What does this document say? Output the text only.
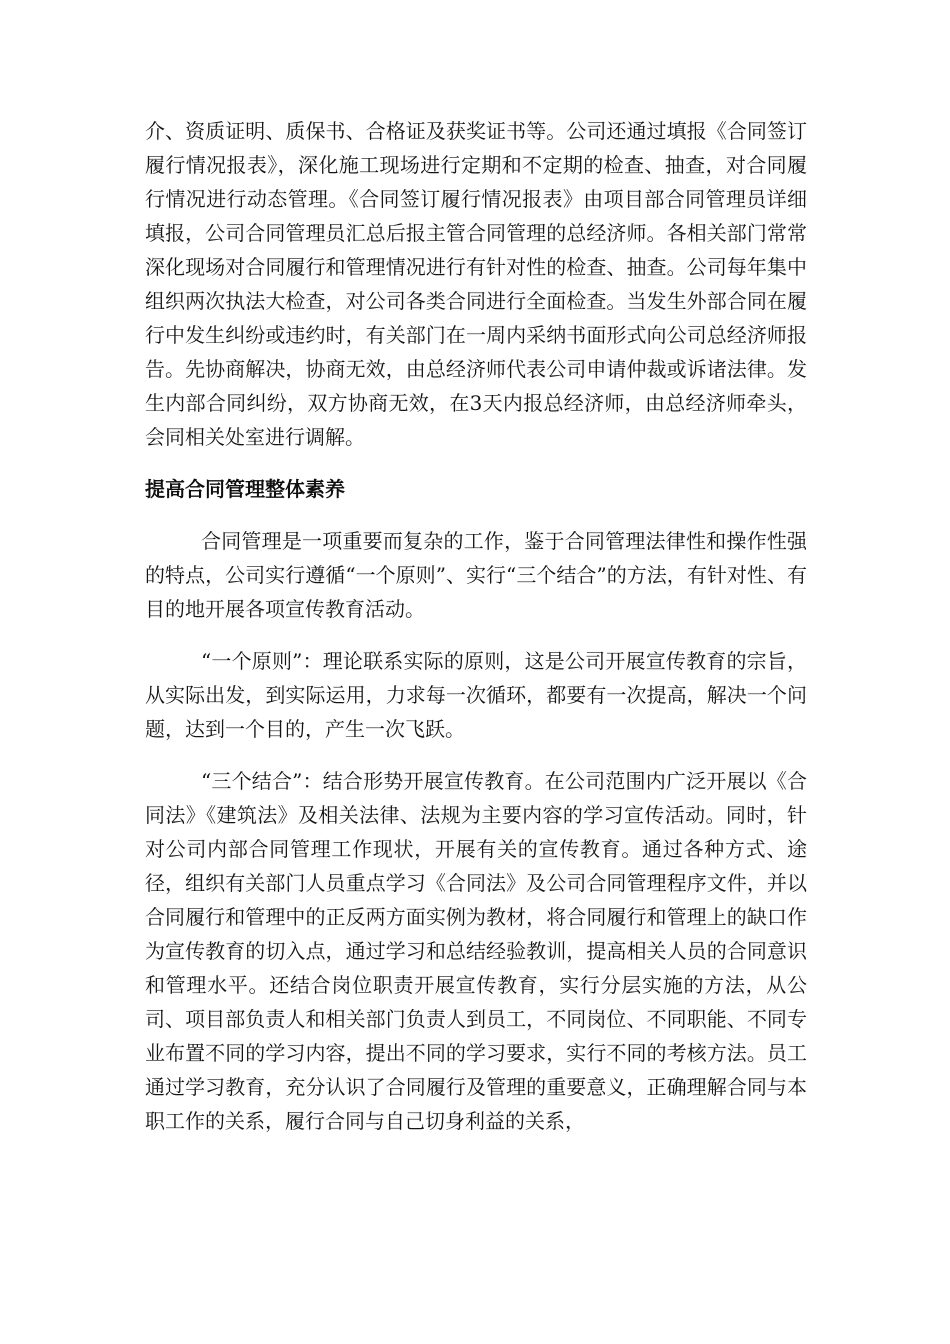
介、资质证明、质保书、合格证及获奖证书等。公司还通过填报《合同签订履行情况报表》，深化施工现场进行定期和不定期的检查、抽查，对合同履行情况进行动态管理。《合同签订履行情况报表》由项目部合同管理员详细填报，公司合同管理员汇总后报主管合同管理的总经济师。各相关部门常常深化现场对合同履行和管理情况进行有针对性的检查、抽查。公司每年集中组织两次执法大检查，对公司各类合同进行全面检查。当发生外部合同在履行中发生纠纷或违约时，有关部门在一周内采纳书面形式向公司总经济师报告。先协商解决，协商无效，由总经济师代表公司申请仲裁或诉诸法律。发生内部合同纠纷，双方协商无效，在3天内报总经济师，由总经济师牵头，会同相关处室进行调解。

提高合同管理整体素养

合同管理是一项重要而复杂的工作，鉴于合同管理法律性和操作性强的特点，公司实行遵循“一个原则”、实行“三个结合”的方法，有针对性、有目的地开展各项宣传教育活动。

“一个原则”：理论联系实际的原则，这是公司开展宣传教育的宗旨，从实际出发，到实际运用，力求每一次循环，都要有一次提高，解决一个问题，达到一个目的，产生一次飞跃。

“三个结合”：结合形势开展宣传教育。在公司范围内广泛开展以《合同法》《建筑法》及相关法律、法规为主要内容的学习宣传活动。同时，针对公司内部合同管理工作现状，开展有关的宣传教育。通过各种方式、途径，组织有关部门人员重点学习《合同法》及公司合同管理程序文件，并以合同履行和管理中的正反两方面实例为教材，将合同履行和管理上的缺口作为宣传教育的切入点，通过学习和总结经验教训，提高相关人员的合同意识和管理水平。还结合岗位职责开展宣传教育，实行分层实施的方法，从公司、项目部负责人和相关部门负责人到员工，不同岗位、不同职能、不同专业布置不同的学习内容，提出不同的学习要求，实行不同的考核方法。员工通过学习教育，充分认识了合同履行及管理的重要意义，正确理解合同与本职工作的关系，履行合同与自己切身利益的关系，
